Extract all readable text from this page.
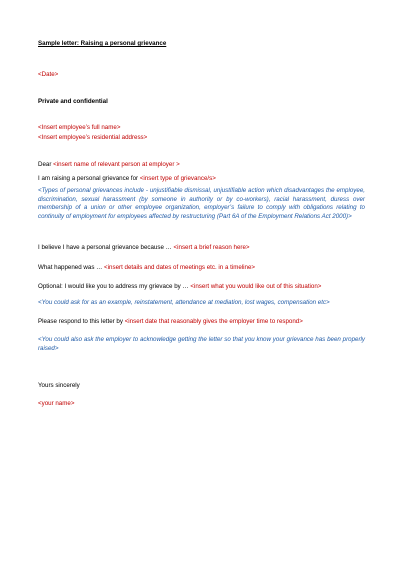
Sample letter: Raising a personal grievance
<Date>
Private and confidential
<Insert employee’s full name>
<Insert employee’s residential address>
Dear <insert name of relevant person at employer >
I am raising a personal grievance for <insert type of grievance/s>
<Types of personal grievances include - unjustifiable dismissal, unjustifiable action which disadvantages the employee, discrimination, sexual harassment (by someone in authority or by co-workers), racial harassment, duress over membership of a union or other employee organization, employer’s failure to comply with obligations relating to continuity of employment for employees affected by restructuring (Part 6A of the Employment Relations Act 2000)>
I believe I have a personal grievance because … <insert a brief reason here>
What happened was … <insert details and dates of meetings etc. in a timeline>
Optional: I would like you to address my grievace by … <insert what you would like out of this situation>
<You could ask for as an example, reinstatement, attendance at mediation, lost wages, compensation etc>
Please respond to this letter by <insert date that reasonably gives the employer time to respond>
<You could also ask the employer to acknowledge getting the letter so that you know your grievance has been properly raised>
Yours sincerely
<your name>
